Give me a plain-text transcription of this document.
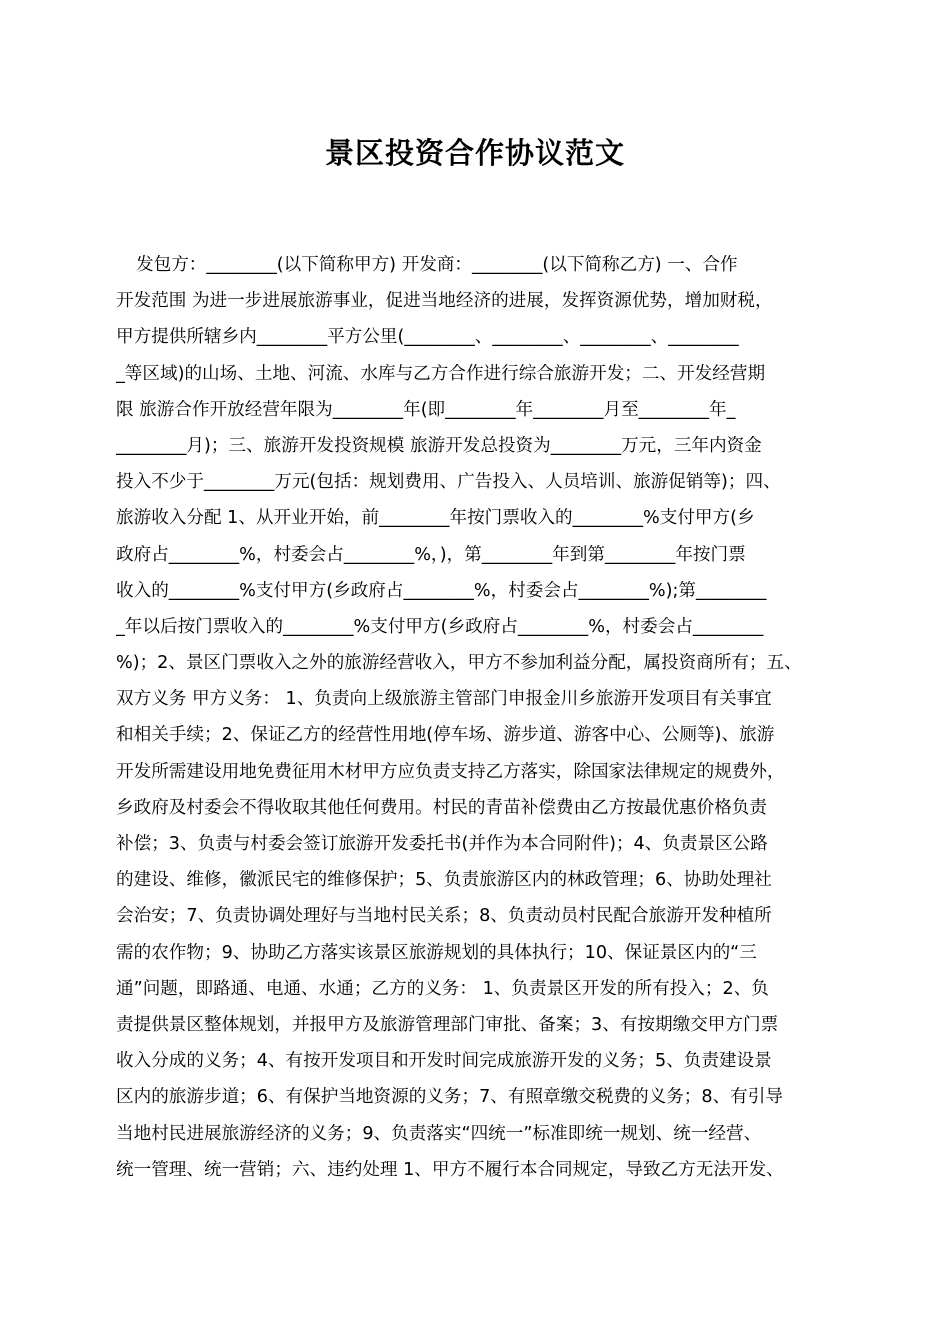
景区投资合作协议范文

发包方：________(以下简称甲方) 开发商：________(以下简称乙方) 一、合作

开发范围 为进一步进展旅游事业，促进当地经济的进展，发挥资源优势，增加财税，

甲方提供所辖乡内________平方公里(________、________、________、________

_等区域)的山场、土地、河流、水库与乙方合作进行综合旅游开发；二、开发经营期

限 旅游合作开放经营年限为________年(即________年________月至________年_

________月)；三、旅游开发投资规模 旅游开发总投资为________万元，三年内资金

投入不少于________万元(包括：规划费用、广告投入、人员培训、旅游促销等)；四、

旅游收入分配 1、从开业开始，前________年按门票收入的________%支付甲方(乡

政府占________%，村委会占________%，)，第________年到第________年按门票

收入的________%支付甲方(乡政府占________%，村委会占________%);第________

_年以后按门票收入的________%支付甲方(乡政府占________%，村委会占________

%)；2、景区门票收入之外的旅游经营收入，甲方不参加利益分配，属投资商所有；五、

双方义务 甲方义务： 1、负责向上级旅游主管部门申报金川乡旅游开发项目有关事宜

和相关手续；2、保证乙方的经营性用地(停车场、游步道、游客中心、公厕等)、旅游

开发所需建设用地免费征用木材甲方应负责支持乙方落实，除国家法律规定的规费外，

乡政府及村委会不得收取其他任何费用。村民的青苗补偿费由乙方按最优惠价格负责

补偿；3、负责与村委会签订旅游开发委托书(并作为本合同附件)；4、负责景区公路

的建设、维修，徽派民宅的维修保护；5、负责旅游区内的林政管理；6、协助处理社

会治安；7、负责协调处理好与当地村民关系；8、负责动员村民配合旅游开发种植所

需的农作物；9、协助乙方落实该景区旅游规划的具体执行；10、保证景区内的“三

通”问题，即路通、电通、水通；乙方的义务： 1、负责景区开发的所有投入；2、负

责提供景区整体规划，并报甲方及旅游管理部门审批、备案；3、有按期缴交甲方门票

收入分成的义务；4、有按开发项目和开发时间完成旅游开发的义务；5、负责建设景

区内的旅游步道；6、有保护当地资源的义务；7、有照章缴交税费的义务；8、有引导

当地村民进展旅游经济的义务；9、负责落实“四统一”标准即统一规划、统一经营、

统一管理、统一营销；六、违约处理 1、甲方不履行本合同规定，导致乙方无法开发、
